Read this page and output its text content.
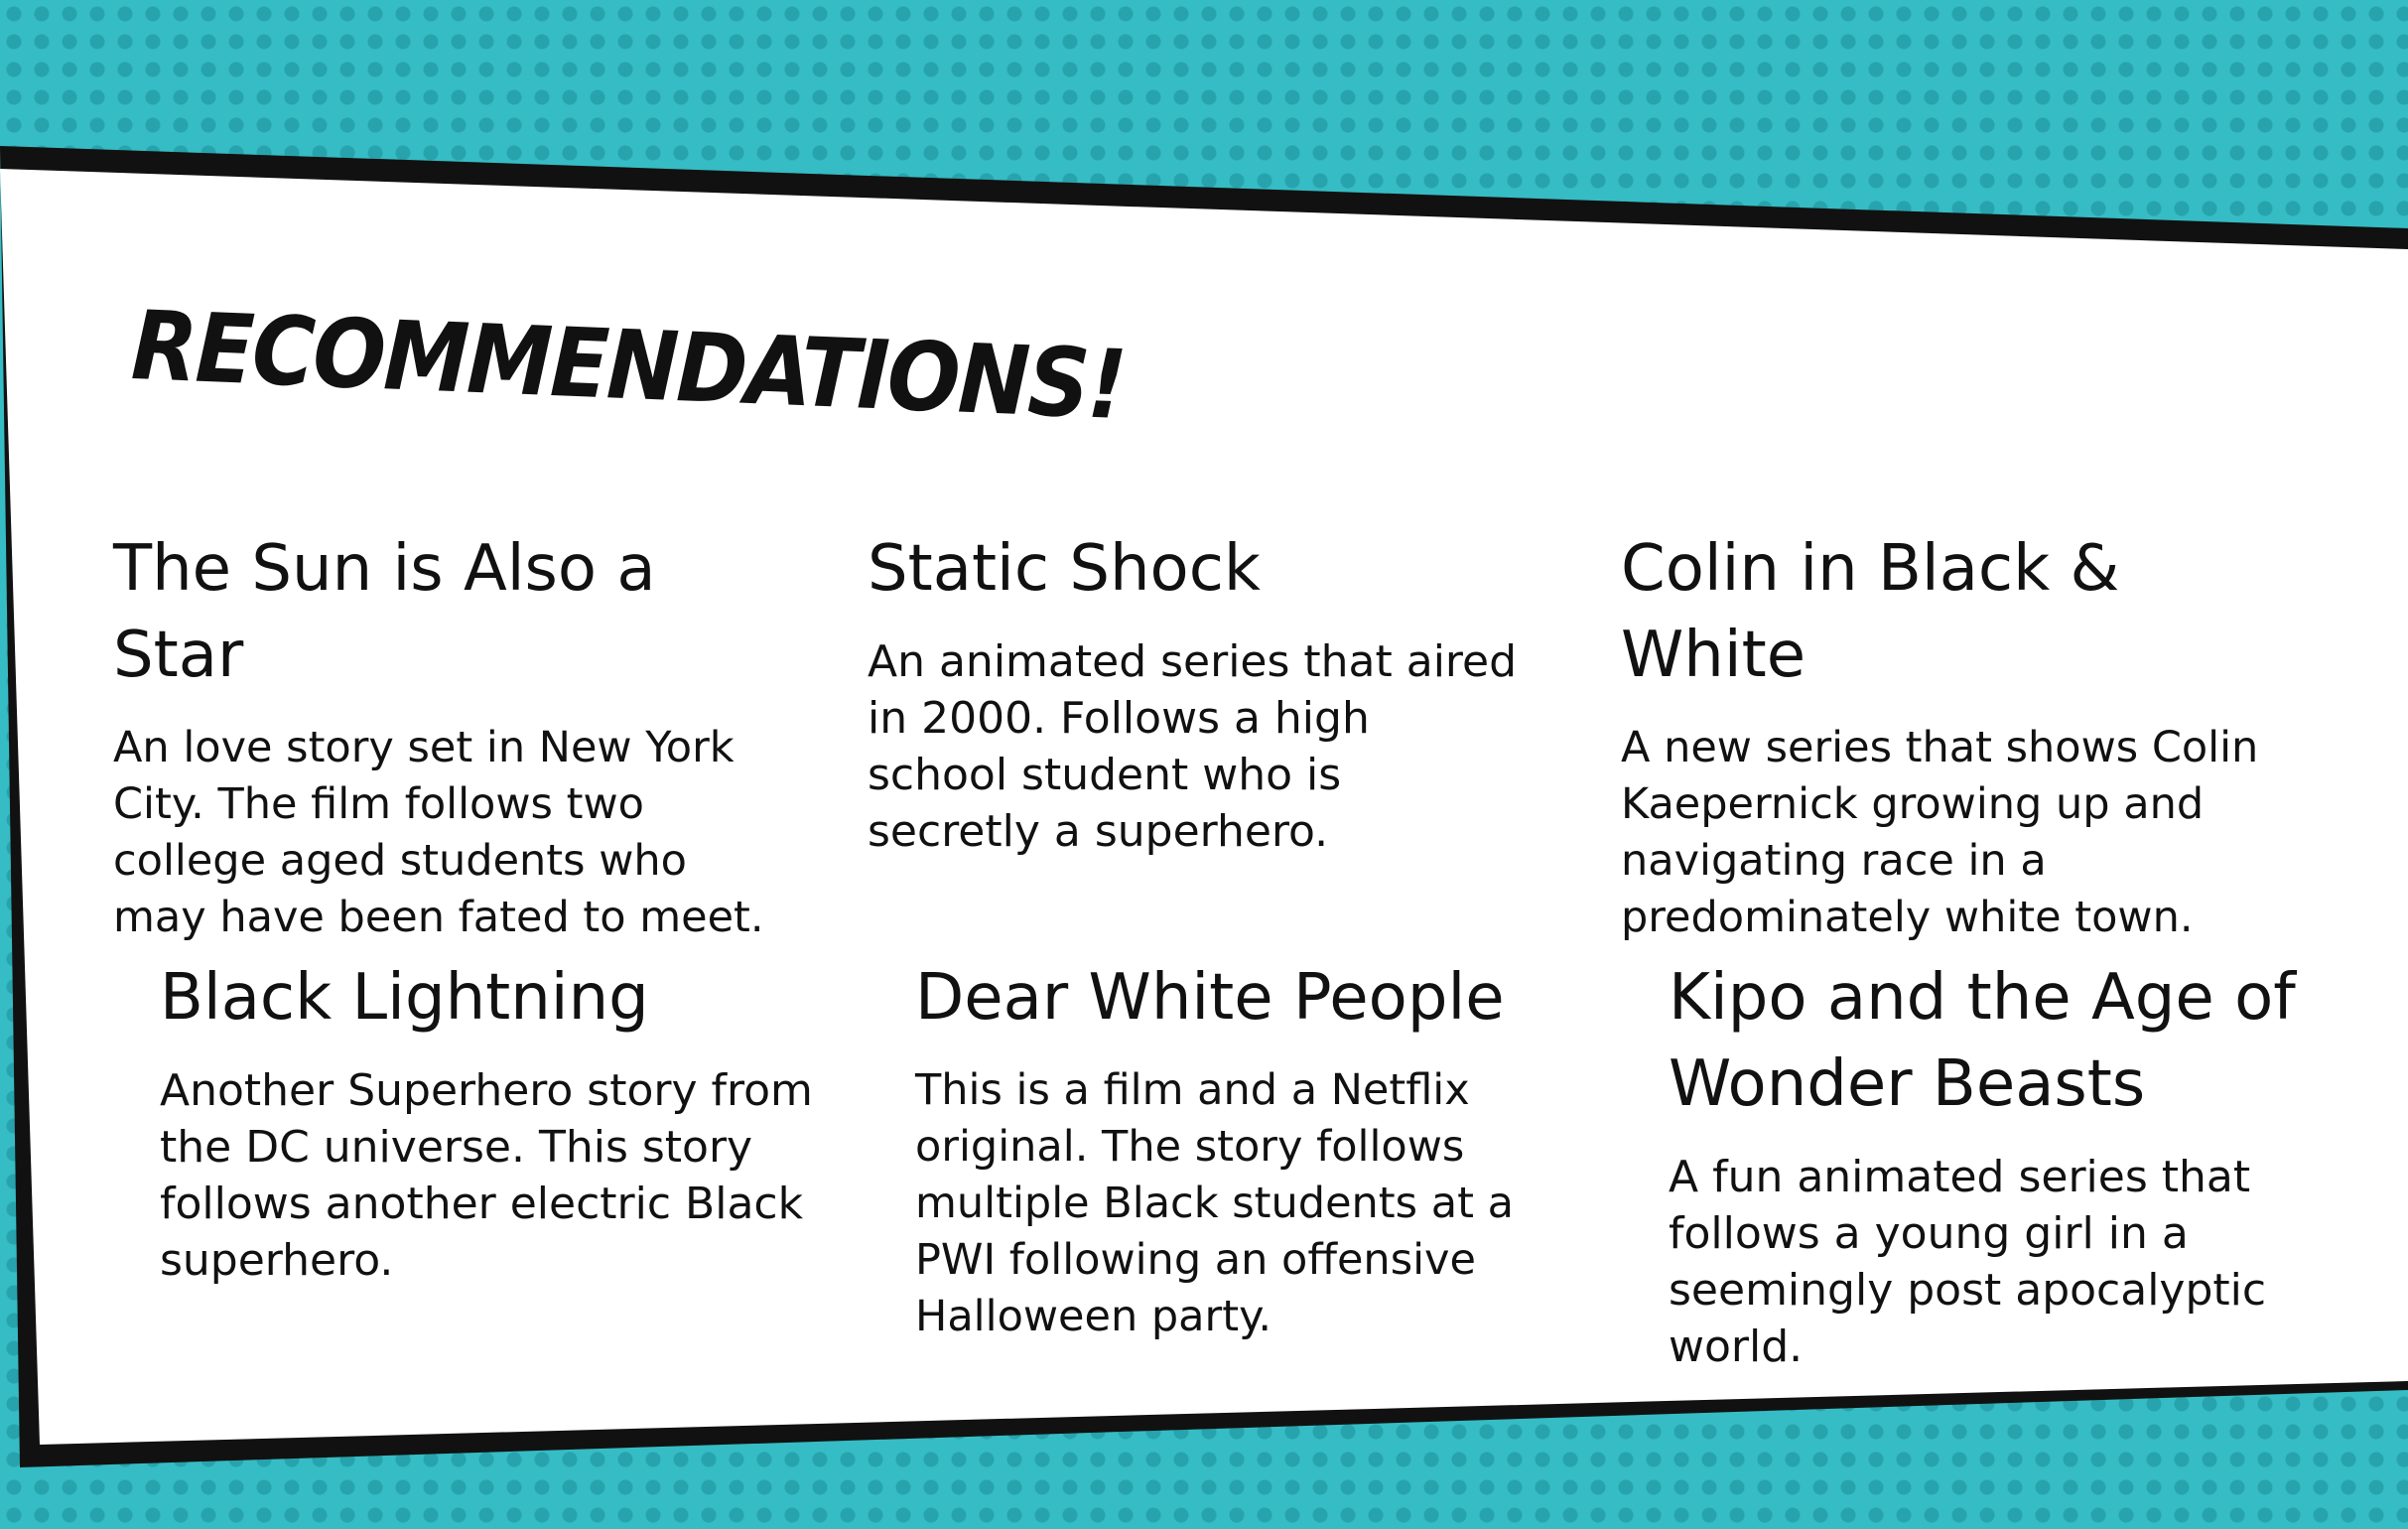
RECOMMENDATIONS!
The Sun is Also a Star

An love story set in New York City. The film follows two college aged students who may have been fated to meet.

Static Shock

An animated series that aired in 2000. Follows a high school student who is secretly a superhero.

Colin in Black & White

A new series that shows Colin Kaepernick growing up and navigating race in a predominately white town.

Black Lightning

Another Superhero story from the DC universe. This story follows another electric Black superhero.

Dear White People

This is a film and a Netflix original. The story follows multiple Black students at a PWI following an offensive Halloween party.

Kipo and the Age of Wonder Beasts

A fun animated series that follows a young girl in a seemingly post apocalyptic world.
